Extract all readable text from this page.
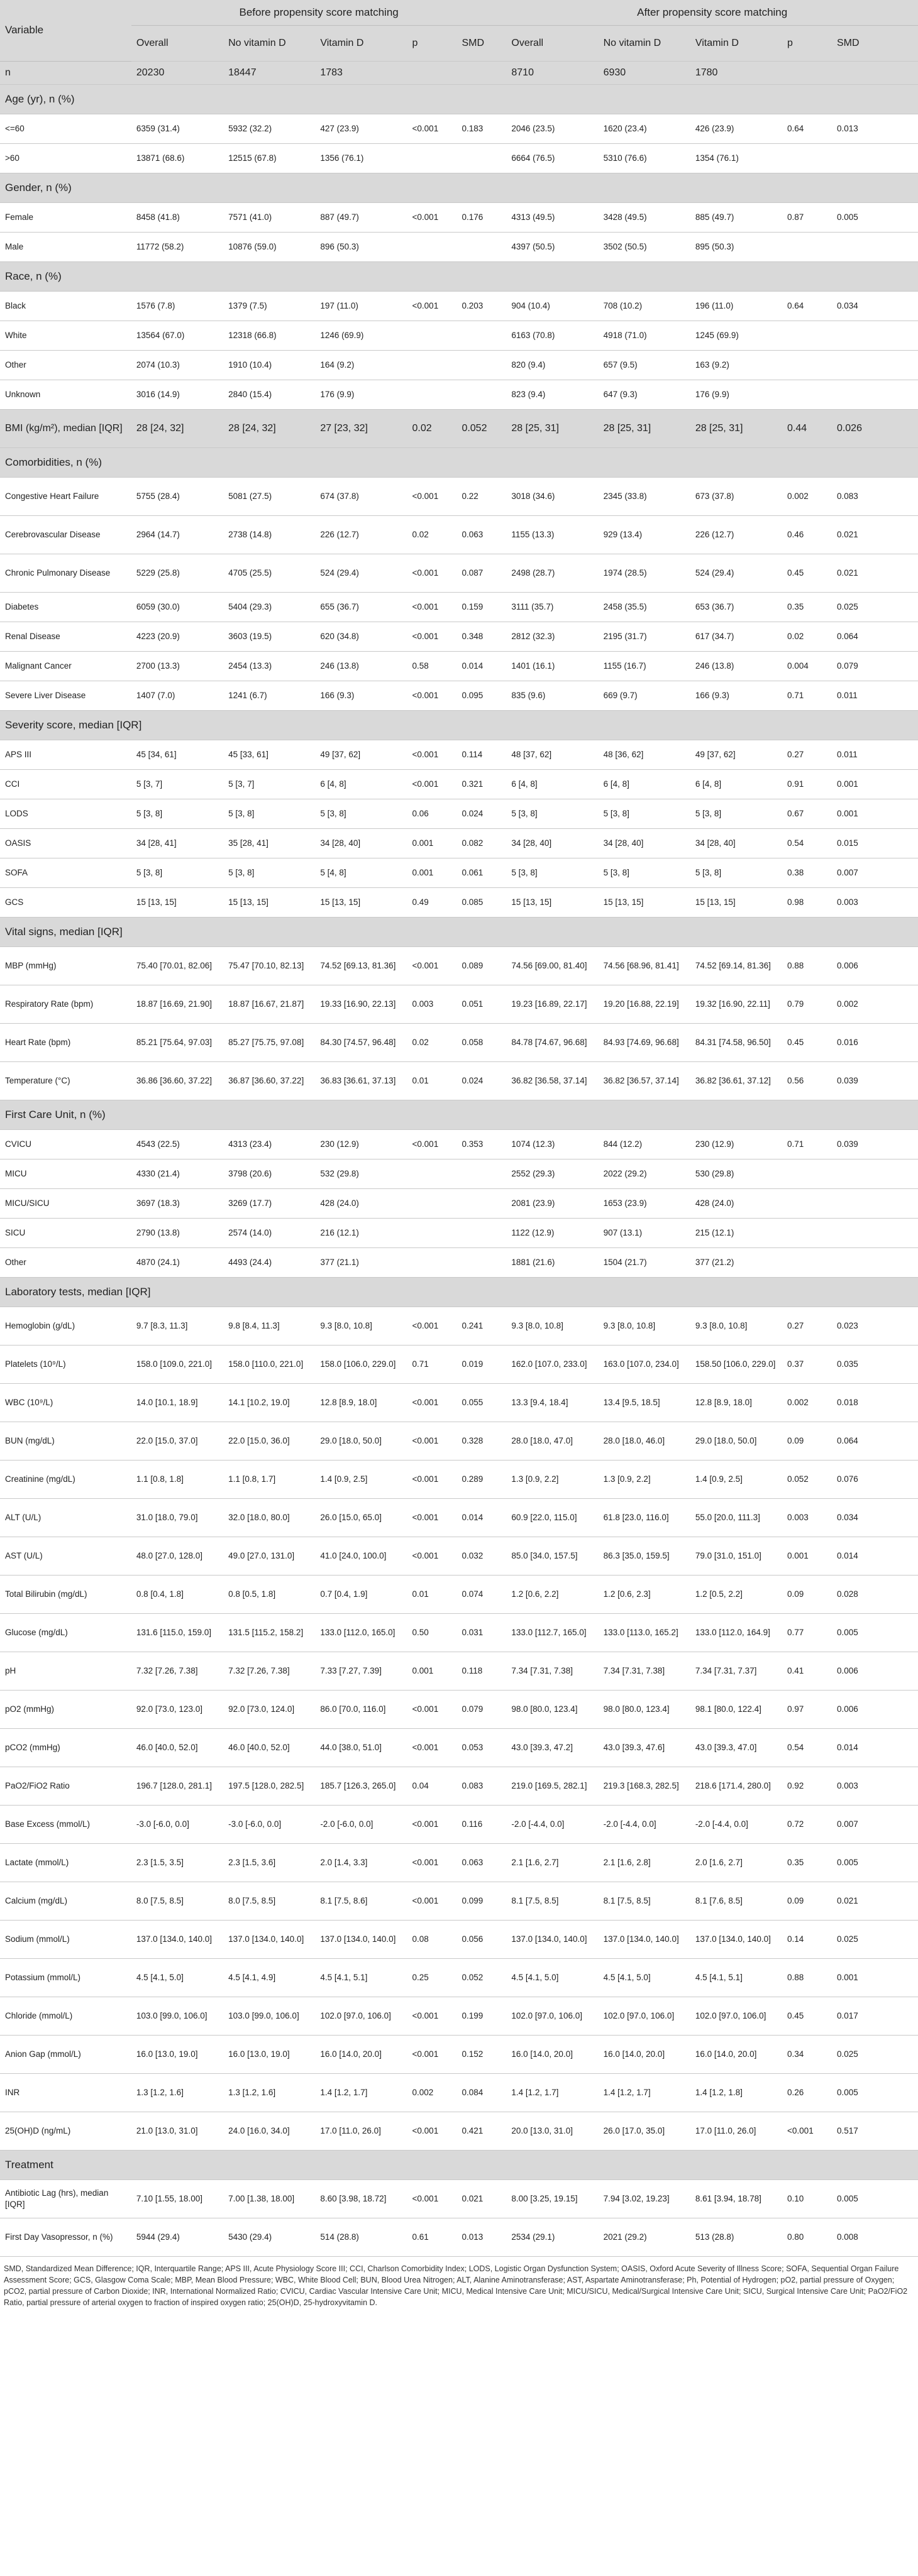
Variable	Before propensity score matching					After propensity score matching				
	Overall	No vitamin D	Vitamin D	p	SMD	Overall	No vitamin D	Vitamin D	p	SMD
n	20230	18447	1783			8710	6930	1780		
Age (yr), n (%)										
<=60	6359 (31.4)	5932 (32.2)	427 (23.9)	<0.001	0.183	2046 (23.5)	1620 (23.4)	426 (23.9)	0.64	0.013
>60	13871 (68.6)	12515 (67.8)	1356 (76.1)			6664 (76.5)	5310 (76.6)	1354 (76.1)		
Gender, n (%)										
Female	8458 (41.8)	7571 (41.0)	887 (49.7)	<0.001	0.176	4313 (49.5)	3428 (49.5)	885 (49.7)	0.87	0.005
Male	11772 (58.2)	10876 (59.0)	896 (50.3)			4397 (50.5)	3502 (50.5)	895 (50.3)		
Race, n (%)										
Black	1576 (7.8)	1379 (7.5)	197 (11.0)	<0.001	0.203	904 (10.4)	708 (10.2)	196 (11.0)	0.64	0.034
White	13564 (67.0)	12318 (66.8)	1246 (69.9)			6163 (70.8)	4918 (71.0)	1245 (69.9)		
Other	2074 (10.3)	1910 (10.4)	164 (9.2)			820 (9.4)	657 (9.5)	163 (9.2)		
Unknown	3016 (14.9)	2840 (15.4)	176 (9.9)			823 (9.4)	647 (9.3)	176 (9.9)		
BMI (kg/m²), median [IQR]	28 [24, 32]	28 [24, 32]	27 [23, 32]	0.02	0.052	28 [25, 31]	28 [25, 31]	28 [25, 31]	0.44	0.026
Comorbidities, n (%)										
Congestive Heart Failure	5755 (28.4)	5081 (27.5)	674 (37.8)	<0.001	0.22	3018 (34.6)	2345 (33.8)	673 (37.8)	0.002	0.083
Cerebrovascular Disease	2964 (14.7)	2738 (14.8)	226 (12.7)	0.02	0.063	1155 (13.3)	929 (13.4)	226 (12.7)	0.46	0.021
Chronic Pulmonary Disease	5229 (25.8)	4705 (25.5)	524 (29.4)	<0.001	0.087	2498 (28.7)	1974 (28.5)	524 (29.4)	0.45	0.021
Diabetes	6059 (30.0)	5404 (29.3)	655 (36.7)	<0.001	0.159	3111 (35.7)	2458 (35.5)	653 (36.7)	0.35	0.025
Renal Disease	4223 (20.9)	3603 (19.5)	620 (34.8)	<0.001	0.348	2812 (32.3)	2195 (31.7)	617 (34.7)	0.02	0.064
Malignant Cancer	2700 (13.3)	2454 (13.3)	246 (13.8)	0.58	0.014	1401 (16.1)	1155 (16.7)	246 (13.8)	0.004	0.079
Severe Liver Disease	1407 (7.0)	1241 (6.7)	166 (9.3)	<0.001	0.095	835 (9.6)	669 (9.7)	166 (9.3)	0.71	0.011
Severity score, median [IQR]										
APS III	45 [34, 61]	45 [33, 61]	49 [37, 62]	<0.001	0.114	48 [37, 62]	48 [36, 62]	49 [37, 62]	0.27	0.011
CCI	5 [3, 7]	5 [3, 7]	6 [4, 8]	<0.001	0.321	6 [4, 8]	6 [4, 8]	6 [4, 8]	0.91	0.001
LODS	5 [3, 8]	5 [3, 8]	5 [3, 8]	0.06	0.024	5 [3, 8]	5 [3, 8]	5 [3, 8]	0.67	0.001
OASIS	34 [28, 41]	35 [28, 41]	34 [28, 40]	0.001	0.082	34 [28, 40]	34 [28, 40]	34 [28, 40]	0.54	0.015
SOFA	5 [3, 8]	5 [3, 8]	5 [4, 8]	0.001	0.061	5 [3, 8]	5 [3, 8]	5 [3, 8]	0.38	0.007
GCS	15 [13, 15]	15 [13, 15]	15 [13, 15]	0.49	0.085	15 [13, 15]	15 [13, 15]	15 [13, 15]	0.98	0.003
Vital signs, median [IQR]										
MBP (mmHg)	75.40 [70.01, 82.06]	75.47 [70.10, 82.13]	74.52 [69.13, 81.36]	<0.001	0.089	74.56 [69.00, 81.40]	74.56 [68.96, 81.41]	74.52 [69.14, 81.36]	0.88	0.006
Respiratory Rate (bpm)	18.87 [16.69, 21.90]	18.87 [16.67, 21.87]	19.33 [16.90, 22.13]	0.003	0.051	19.23 [16.89, 22.17]	19.20 [16.88, 22.19]	19.32 [16.90, 22.11]	0.79	0.002
Heart Rate (bpm)	85.21 [75.64, 97.03]	85.27 [75.75, 97.08]	84.30 [74.57, 96.48]	0.02	0.058	84.78 [74.67, 96.68]	84.93 [74.69, 96.68]	84.31 [74.58, 96.50]	0.45	0.016
Temperature (°C)	36.86 [36.60, 37.22]	36.87 [36.60, 37.22]	36.83 [36.61, 37.13]	0.01	0.024	36.82 [36.58, 37.14]	36.82 [36.57, 37.14]	36.82 [36.61, 37.12]	0.56	0.039
First Care Unit, n (%)										
CVICU	4543 (22.5)	4313 (23.4)	230 (12.9)	<0.001	0.353	1074 (12.3)	844 (12.2)	230 (12.9)	0.71	0.039
MICU	4330 (21.4)	3798 (20.6)	532 (29.8)			2552 (29.3)	2022 (29.2)	530 (29.8)		
MICU/SICU	3697 (18.3)	3269 (17.7)	428 (24.0)			2081 (23.9)	1653 (23.9)	428 (24.0)		
SICU	2790 (13.8)	2574 (14.0)	216 (12.1)			1122 (12.9)	907 (13.1)	215 (12.1)		
Other	4870 (24.1)	4493 (24.4)	377 (21.1)			1881 (21.6)	1504 (21.7)	377 (21.2)		
Laboratory tests, median [IQR]										
Hemoglobin (g/dL)	9.7 [8.3, 11.3]	9.8 [8.4, 11.3]	9.3 [8.0, 10.8]	<0.001	0.241	9.3 [8.0, 10.8]	9.3 [8.0, 10.8]	9.3 [8.0, 10.8]	0.27	0.023
Platelets (10⁹/L)	158.0 [109.0, 221.0]	158.0 [110.0, 221.0]	158.0 [106.0, 229.0]	0.71	0.019	162.0 [107.0, 233.0]	163.0 [107.0, 234.0]	158.50 [106.0, 229.0]	0.37	0.035
WBC (10⁹/L)	14.0 [10.1, 18.9]	14.1 [10.2, 19.0]	12.8 [8.9, 18.0]	<0.001	0.055	13.3 [9.4, 18.4]	13.4 [9.5, 18.5]	12.8 [8.9, 18.0]	0.002	0.018
BUN (mg/dL)	22.0 [15.0, 37.0]	22.0 [15.0, 36.0]	29.0 [18.0, 50.0]	<0.001	0.328	28.0 [18.0, 47.0]	28.0 [18.0, 46.0]	29.0 [18.0, 50.0]	0.09	0.064
Creatinine (mg/dL)	1.1 [0.8, 1.8]	1.1 [0.8, 1.7]	1.4 [0.9, 2.5]	<0.001	0.289	1.3 [0.9, 2.2]	1.3 [0.9, 2.2]	1.4 [0.9, 2.5]	0.052	0.076
ALT (U/L)	31.0 [18.0, 79.0]	32.0 [18.0, 80.0]	26.0 [15.0, 65.0]	<0.001	0.014	60.9 [22.0, 115.0]	61.8 [23.0, 116.0]	55.0 [20.0, 111.3]	0.003	0.034
AST (U/L)	48.0 [27.0, 128.0]	49.0 [27.0, 131.0]	41.0 [24.0, 100.0]	<0.001	0.032	85.0 [34.0, 157.5]	86.3 [35.0, 159.5]	79.0 [31.0, 151.0]	0.001	0.014
Total Bilirubin (mg/dL)	0.8 [0.4, 1.8]	0.8 [0.5, 1.8]	0.7 [0.4, 1.9]	0.01	0.074	1.2 [0.6, 2.2]	1.2 [0.6, 2.3]	1.2 [0.5, 2.2]	0.09	0.028
Glucose (mg/dL)	131.6 [115.0, 159.0]	131.5 [115.2, 158.2]	133.0 [112.0, 165.0]	0.50	0.031	133.0 [112.7, 165.0]	133.0 [113.0, 165.2]	133.0 [112.0, 164.9]	0.77	0.005
pH	7.32 [7.26, 7.38]	7.32 [7.26, 7.38]	7.33 [7.27, 7.39]	0.001	0.118	7.34 [7.31, 7.38]	7.34 [7.31, 7.38]	7.34 [7.31, 7.37]	0.41	0.006
pO2 (mmHg)	92.0 [73.0, 123.0]	92.0 [73.0, 124.0]	86.0 [70.0, 116.0]	<0.001	0.079	98.0 [80.0, 123.4]	98.0 [80.0, 123.4]	98.1 [80.0, 122.4]	0.97	0.006
pCO2 (mmHg)	46.0 [40.0, 52.0]	46.0 [40.0, 52.0]	44.0 [38.0, 51.0]	<0.001	0.053	43.0 [39.3, 47.2]	43.0 [39.3, 47.6]	43.0 [39.3, 47.0]	0.54	0.014
PaO2/FiO2 Ratio	196.7 [128.0, 281.1]	197.5 [128.0, 282.5]	185.7 [126.3, 265.0]	0.04	0.083	219.0 [169.5, 282.1]	219.3 [168.3, 282.5]	218.6 [171.4, 280.0]	0.92	0.003
Base Excess (mmol/L)	-3.0 [-6.0, 0.0]	-3.0 [-6.0, 0.0]	-2.0 [-6.0, 0.0]	<0.001	0.116	-2.0 [-4.4, 0.0]	-2.0 [-4.4, 0.0]	-2.0 [-4.4, 0.0]	0.72	0.007
Lactate (mmol/L)	2.3 [1.5, 3.5]	2.3 [1.5, 3.6]	2.0 [1.4, 3.3]	<0.001	0.063	2.1 [1.6, 2.7]	2.1 [1.6, 2.8]	2.0 [1.6, 2.7]	0.35	0.005
Calcium (mg/dL)	8.0 [7.5, 8.5]	8.0 [7.5, 8.5]	8.1 [7.5, 8.6]	<0.001	0.099	8.1 [7.5, 8.5]	8.1 [7.5, 8.5]	8.1 [7.6, 8.5]	0.09	0.021
Sodium (mmol/L)	137.0 [134.0, 140.0]	137.0 [134.0, 140.0]	137.0 [134.0, 140.0]	0.08	0.056	137.0 [134.0, 140.0]	137.0 [134.0, 140.0]	137.0 [134.0, 140.0]	0.14	0.025
Potassium (mmol/L)	4.5 [4.1, 5.0]	4.5 [4.1, 4.9]	4.5 [4.1, 5.1]	0.25	0.052	4.5 [4.1, 5.0]	4.5 [4.1, 5.0]	4.5 [4.1, 5.1]	0.88	0.001
Chloride (mmol/L)	103.0 [99.0, 106.0]	103.0 [99.0, 106.0]	102.0 [97.0, 106.0]	<0.001	0.199	102.0 [97.0, 106.0]	102.0 [97.0, 106.0]	102.0 [97.0, 106.0]	0.45	0.017
Anion Gap (mmol/L)	16.0 [13.0, 19.0]	16.0 [13.0, 19.0]	16.0 [14.0, 20.0]	<0.001	0.152	16.0 [14.0, 20.0]	16.0 [14.0, 20.0]	16.0 [14.0, 20.0]	0.34	0.025
INR	1.3 [1.2, 1.6]	1.3 [1.2, 1.6]	1.4 [1.2, 1.7]	0.002	0.084	1.4 [1.2, 1.7]	1.4 [1.2, 1.7]	1.4 [1.2, 1.8]	0.26	0.005
25(OH)D (ng/mL)	21.0 [13.0, 31.0]	24.0 [16.0, 34.0]	17.0 [11.0, 26.0]	<0.001	0.421	20.0 [13.0, 31.0]	26.0 [17.0, 35.0]	17.0 [11.0, 26.0]	<0.001	0.517
Treatment										
Antibiotic Lag (hrs), median [IQR]	7.10 [1.55, 18.00]	7.00 [1.38, 18.00]	8.60 [3.98, 18.72]	<0.001	0.021	8.00 [3.25, 19.15]	7.94 [3.02, 19.23]	8.61 [3.94, 18.78]	0.10	0.005
First Day Vasopressor, n (%)	5944 (29.4)	5430 (29.4)	514 (28.8)	0.61	0.013	2534 (29.1)	2021 (29.2)	513 (28.8)	0.80	0.008
SMD, Standardized Mean Difference; IQR, Interquartile Range; APS III, Acute Physiology Score III; CCI, Charlson Comorbidity Index; LODS, Logistic Organ Dysfunction System; OASIS, Oxford Acute Severity of Illness Score; SOFA, Sequential Organ Failure Assessment Score; GCS, Glasgow Coma Scale; MBP, Mean Blood Pressure; WBC, White Blood Cell; BUN, Blood Urea Nitrogen; ALT, Alanine Aminotransferase; AST, Aspartate Aminotransferase; Ph, Potential of Hydrogen; pO2, partial pressure of Oxygen; pCO2, partial pressure of Carbon Dioxide; INR, International Normalized Ratio; CVICU, Cardiac Vascular Intensive Care Unit; MICU, Medical Intensive Care Unit; MICU/SICU, Medical/Surgical Intensive Care Unit; SICU, Surgical Intensive Care Unit; PaO2/FiO2 Ratio, partial pressure of arterial oxygen to fraction of inspired oxygen ratio; 25(OH)D, 25-hydroxyvitamin D.
